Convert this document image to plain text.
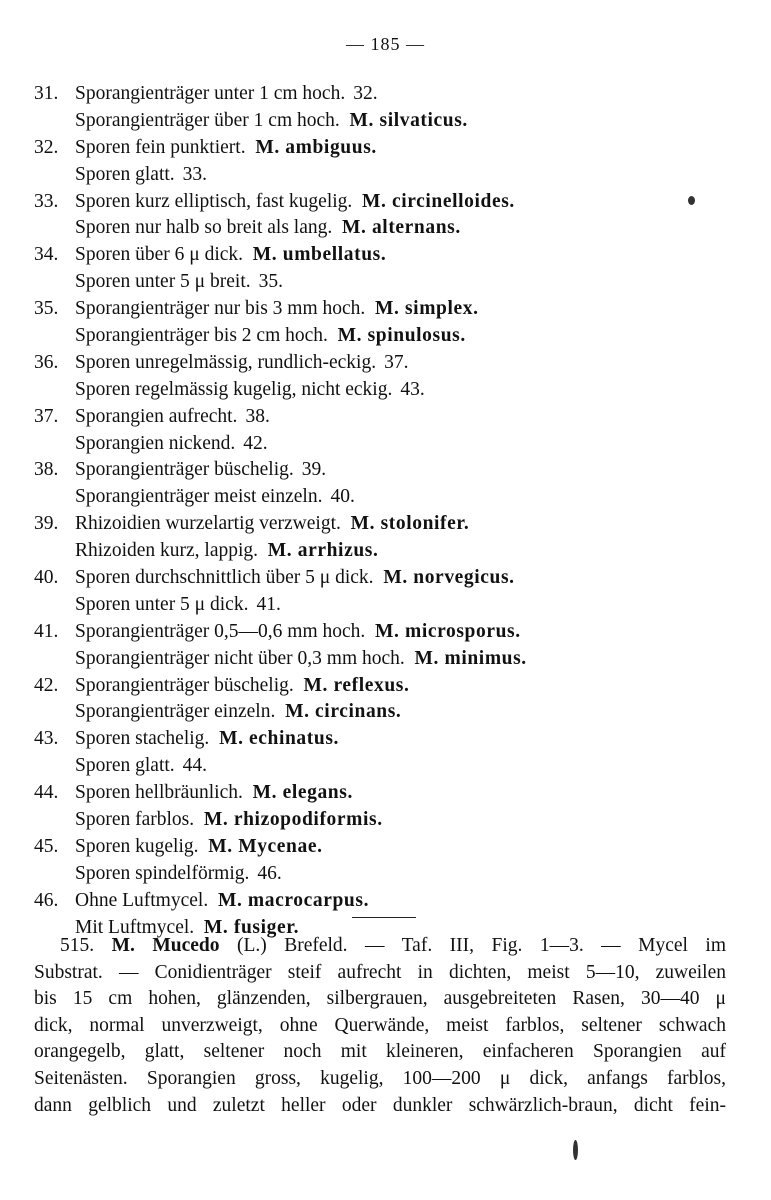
— 185 —
31. Sporangienträger unter 1 cm hoch. 32.
Sporangienträger über 1 cm hoch.  M. silvaticus.
32. Sporen fein punktiert.  M. ambiguus.
Sporen glatt. 33.
33. Sporen kurz elliptisch, fast kugelig.  M. circinelloides.
Sporen nur halb so breit als lang.  M. alternans.
34. Sporen über 6 μ dick.  M. umbellatus.
Sporen unter 5 μ breit. 35.
35. Sporangienträger nur bis 3 mm hoch.  M. simplex.
Sporangienträger bis 2 cm hoch.  M. spinulosus.
36. Sporen unregelmässig, rundlich-eckig. 37.
Sporen regelmässig kugelig, nicht eckig. 43.
37. Sporangien aufrecht. 38.
Sporangien nickend. 42.
38. Sporangienträger büschelig. 39.
Sporangienträger meist einzeln. 40.
39. Rhizoidien wurzelartig verzweigt.  M. stolonifer.
Rhizoiden kurz, lappig.  M. arrhizus.
40. Sporen durchschnittlich über 5 μ dick.  M. norvegicus.
Sporen unter 5 μ dick. 41.
41. Sporangienträger 0,5—0,6 mm hoch.  M. microsporus.
Sporangienträger nicht über 0,3 mm hoch.  M. minimus.
42. Sporangienträger büschelig.  M. reflexus.
Sporangienträger einzeln.  M. circinans.
43. Sporen stachelig.  M. echinatus.
Sporen glatt. 44.
44. Sporen hellbräunlich.  M. elegans.
Sporen farblos.  M. rhizopodiformis.
45. Sporen kugelig.  M. Mycenae.
Sporen spindelförmig. 46.
46. Ohne Luftmycel.  M. macrocarpus.
Mit Luftmycel.  M. fusiger.
515. M. Mucedo (L.) Brefeld. — Taf. III, Fig. 1—3. — Mycel im
Substrat. — Conidienträger steif aufrecht in dichten, meist 5—10, zuweilen
bis 15 cm hohen, glänzenden, silbergrauen, ausgebreiteten Rasen, 30—40 μ
dick, normal unverzweigt, ohne Querwände, meist farblos, seltener schwach
orangegelb, glatt, seltener noch mit kleineren, einfacheren Sporangien auf
Seitenästen. Sporangien gross, kugelig, 100—200 μ dick, anfangs farblos,
dann gelblich und zuletzt heller oder dunkler schwärzlich-braun, dicht fein-
